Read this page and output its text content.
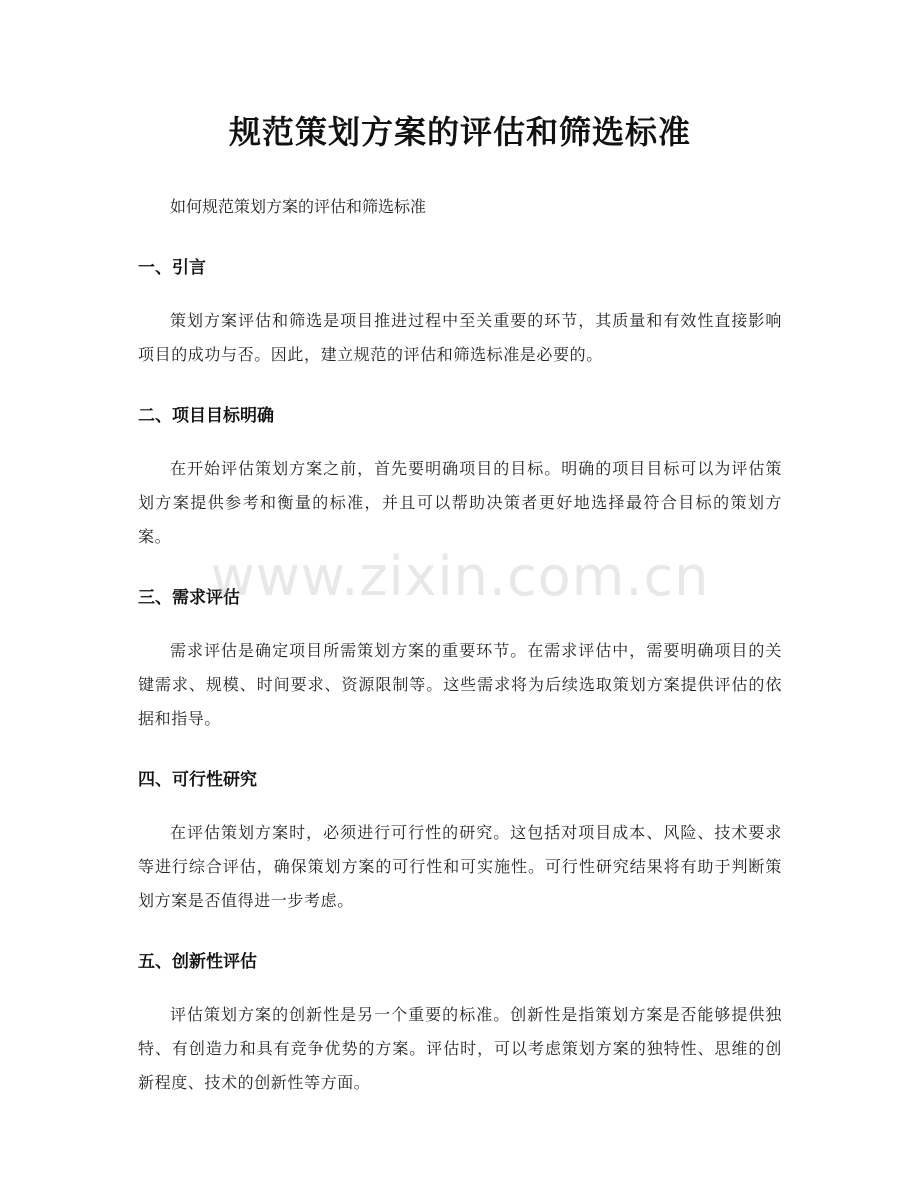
规范策划方案的评估和筛选标准

如何规范策划方案的评估和筛选标准

一、引言

策划方案评估和筛选是项目推进过程中至关重要的环节，其质量和有效性直接影响项目的成功与否。因此，建立规范的评估和筛选标准是必要的。

二、项目目标明确

在开始评估策划方案之前，首先要明确项目的目标。明确的项目目标可以为评估策划方案提供参考和衡量的标准，并且可以帮助决策者更好地选择最符合目标的策划方案。

三、需求评估

需求评估是确定项目所需策划方案的重要环节。在需求评估中，需要明确项目的关键需求、规模、时间要求、资源限制等。这些需求将为后续选取策划方案提供评估的依据和指导。

四、可行性研究

在评估策划方案时，必须进行可行性的研究。这包括对项目成本、风险、技术要求等进行综合评估，确保策划方案的可行性和可实施性。可行性研究结果将有助于判断策划方案是否值得进一步考虑。

五、创新性评估

评估策划方案的创新性是另一个重要的标准。创新性是指策划方案是否能够提供独特、有创造力和具有竞争优势的方案。评估时，可以考虑策划方案的独特性、思维的创新程度、技术的创新性等方面。

www.zixin.com.cn
